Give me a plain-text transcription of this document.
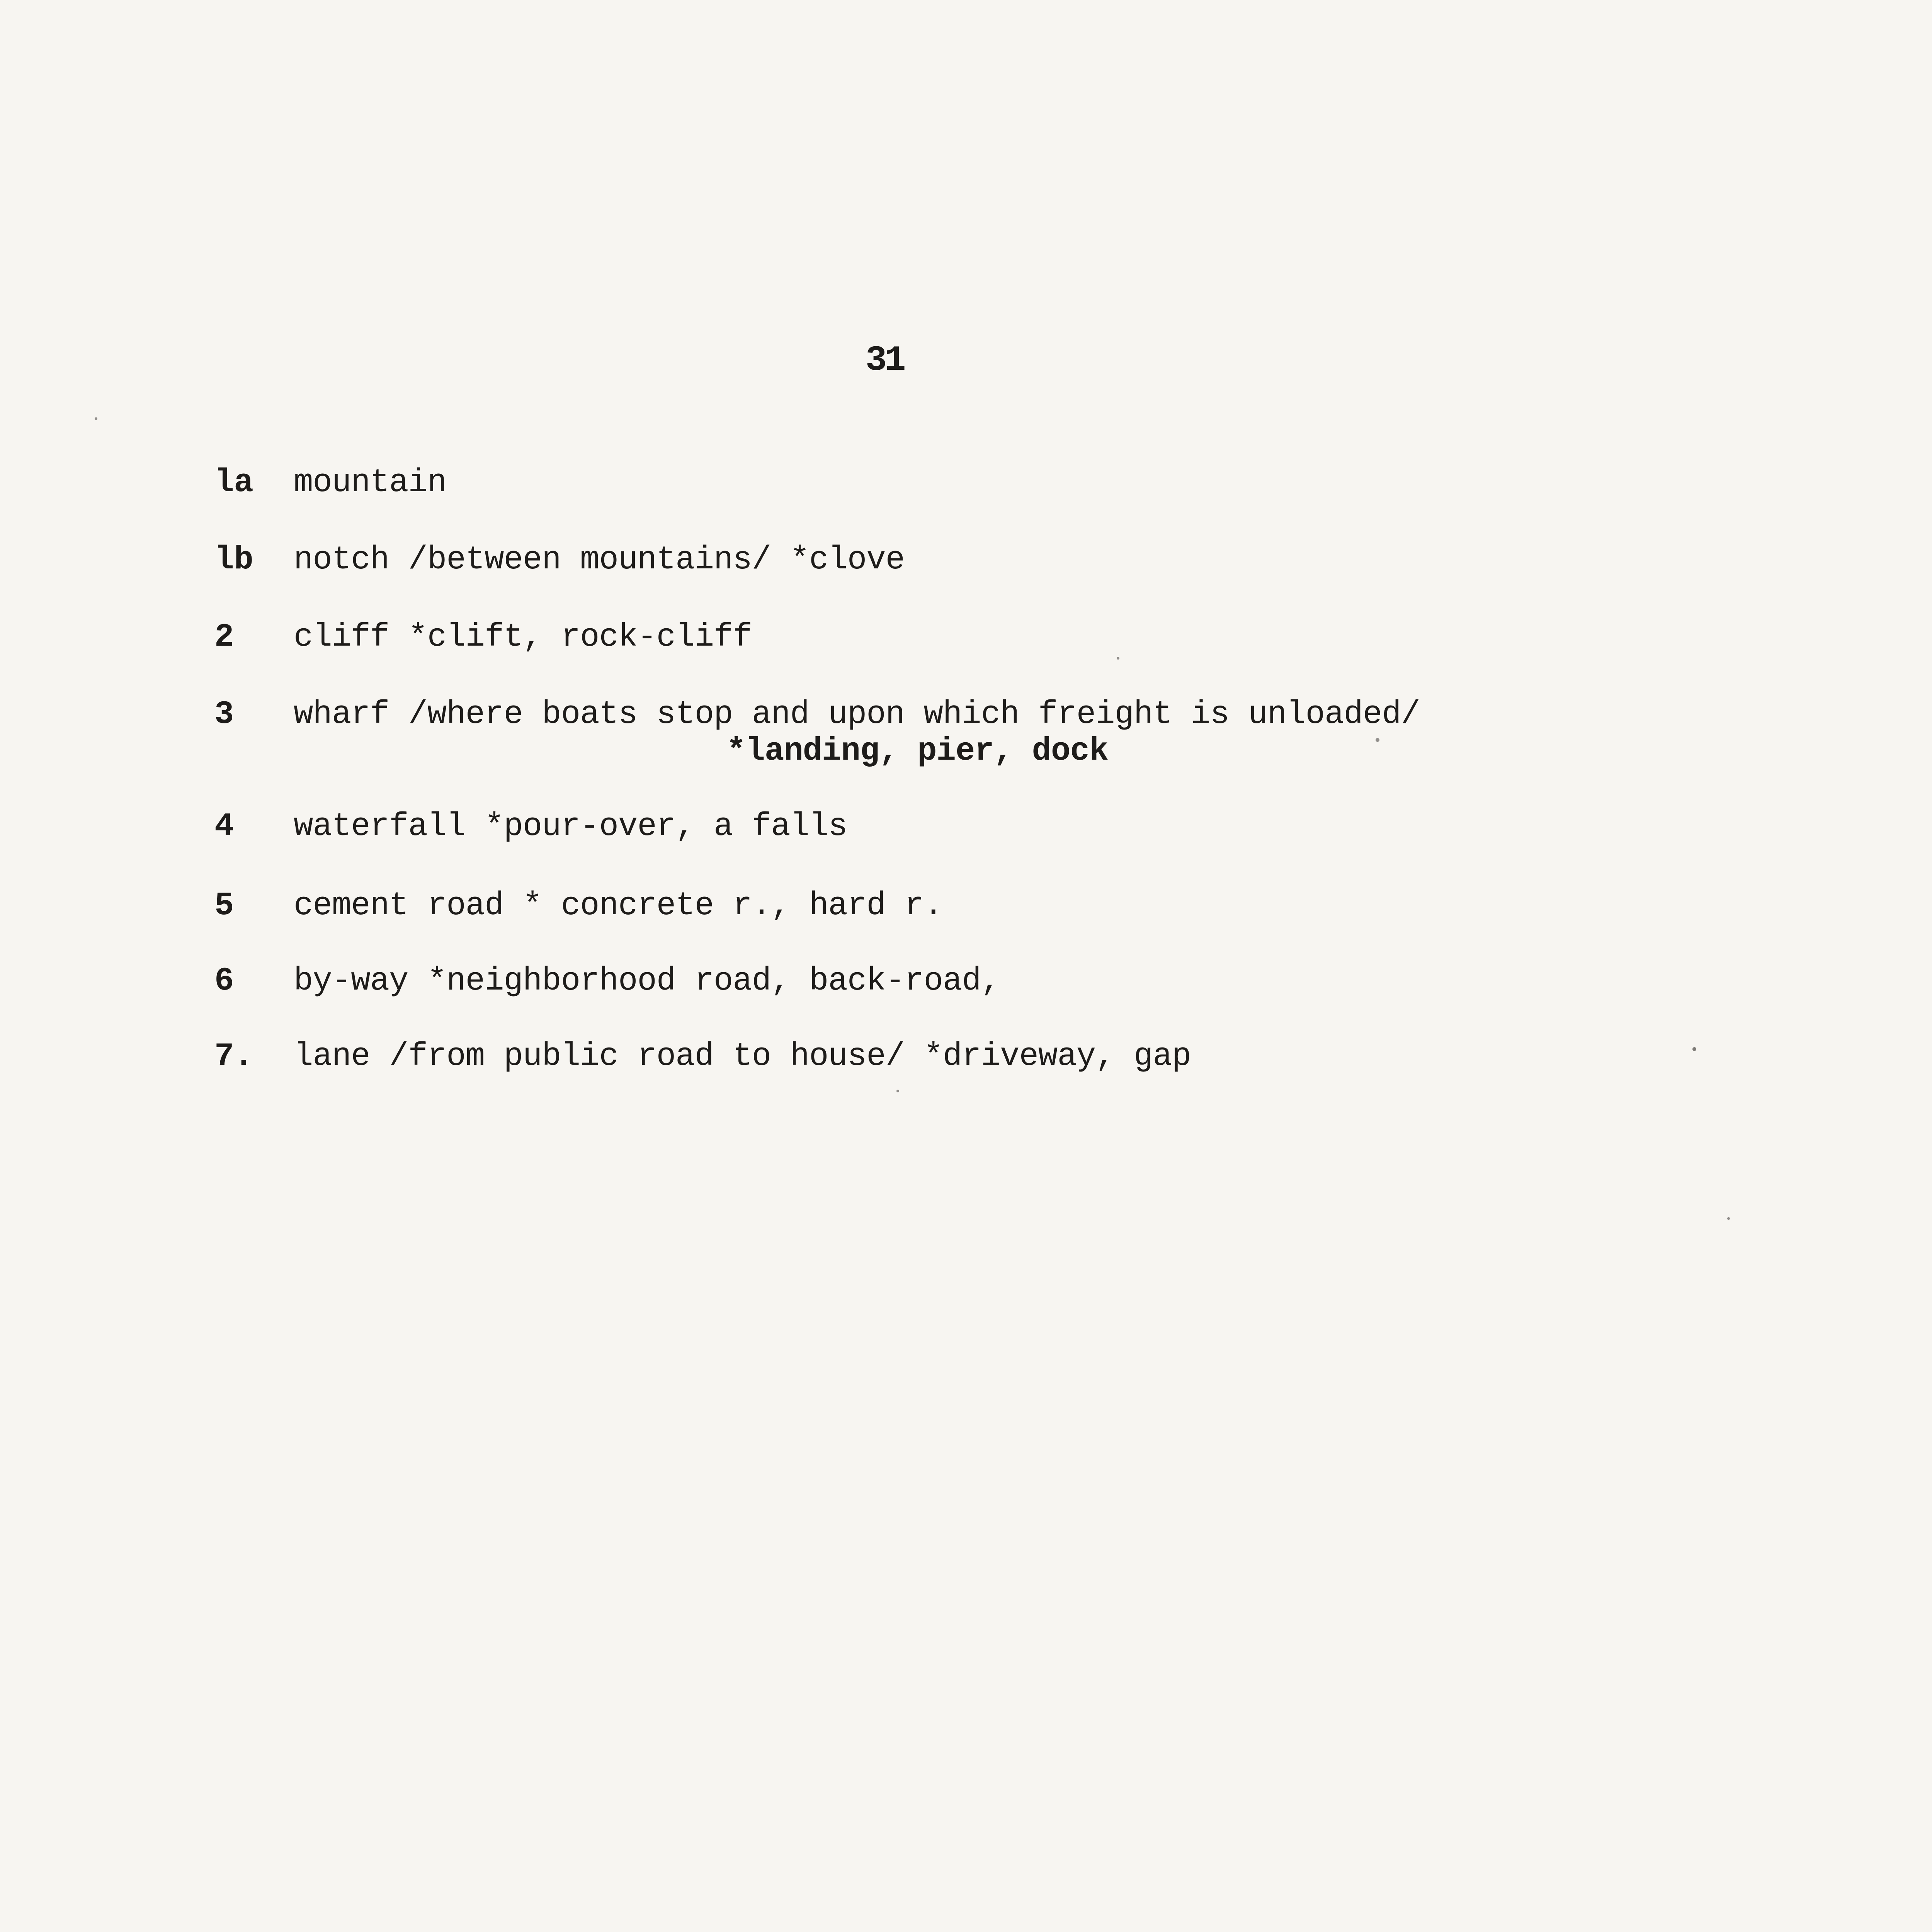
31
la mountain
lb notch /between mountains/ *clove
2 cliff *clift, rock-cliff
3 wharf /where boats stop and upon which freight is unloaded/
*landing, pier, dock
4 waterfall *pour-over, a falls
5 cement road * concrete r., hard r.
6 by-way *neighborhood road, back-road,
7. lane /from public road to house/ *driveway, gap
